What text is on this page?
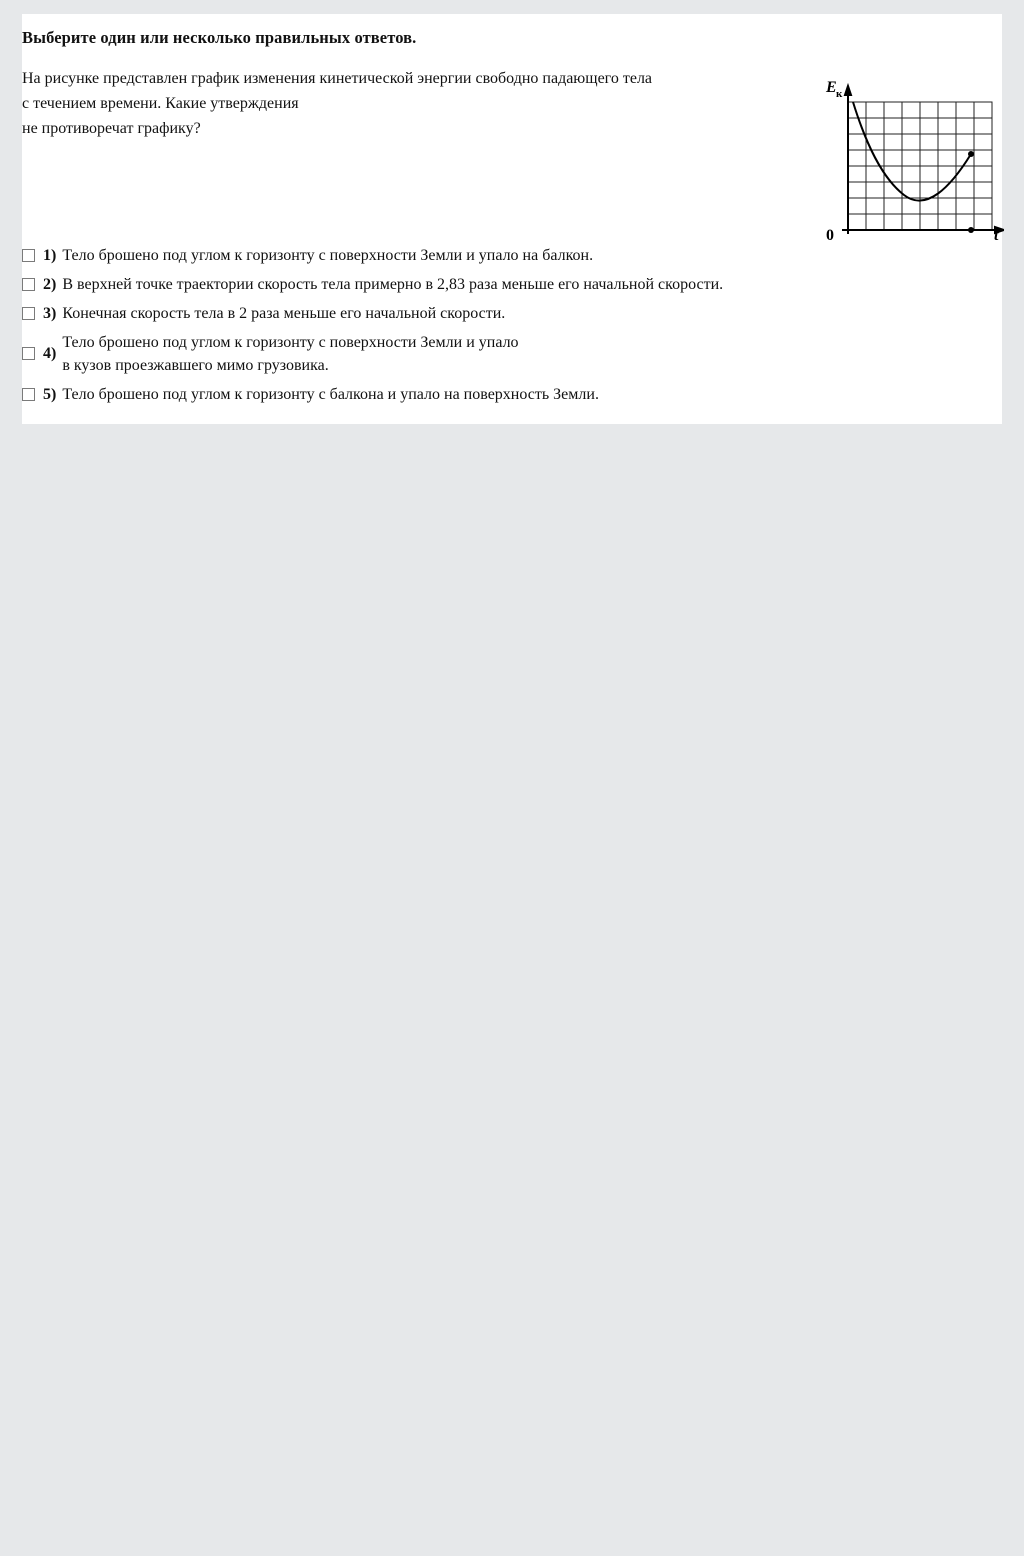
Выберите один или несколько правильных ответов.
На рисунке представлен график изменения кинетической энергии свободно падающего тела
с течением времени. Какие утверждения
не противоречат графику?
E к
0	t
1) Тело брошено под углом к горизонту с поверхности Земли и упало на балкон.
2) В верхней точке траектории скорость тела примерно в 2,83 раза меньше его начальной скорости.
3) Конечная скорость тела в 2 раза меньше его начальной скорости.
4)
Тело брошено под углом к горизонту с поверхности Земли и упало
в кузов проезжавшего мимо грузовика.
5) Тело брошено под углом к горизонту с балкона и упало на поверхность Земли.
